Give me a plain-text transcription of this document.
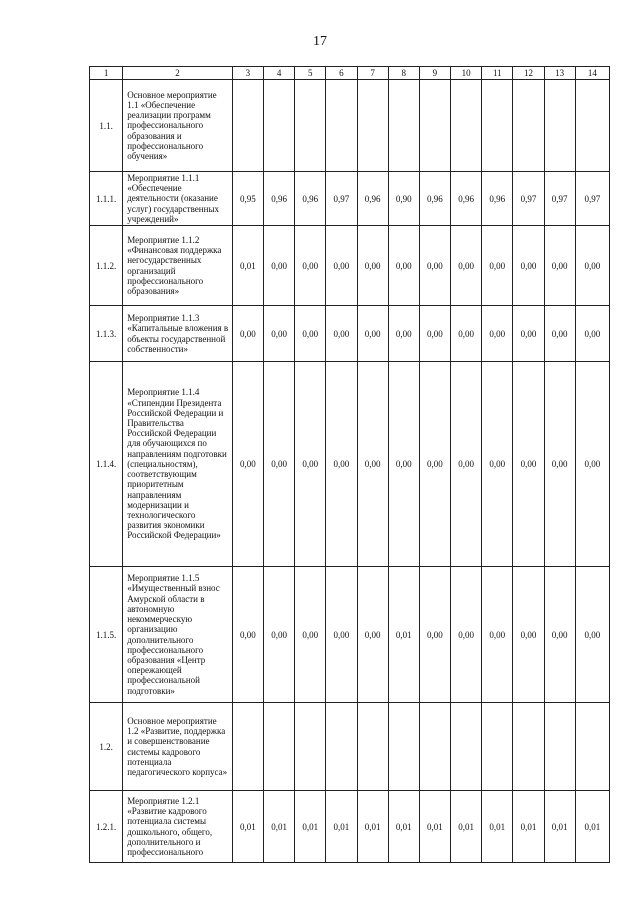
17
1	2	3	4	5	6	7	8	9	10	11	12	13	14
1.1.	Основное мероприятие 1.1 «Обеспечение реализации программ профессионального образования и профессионального обучения»												
1.1.1.	Мероприятие 1.1.1 «Обеспечение деятельности (оказание услуг) государственных учреждений»	0,95	0,96	0,96	0,97	0,96	0,90	0,96	0,96	0,96	0,97	0,97	0,97
1.1.2.	Мероприятие 1.1.2 «Финансовая поддержка негосударственных организаций профессионального образования»	0,01	0,00	0,00	0,00	0,00	0,00	0,00	0,00	0,00	0,00	0,00	0,00
1.1.3.	Мероприятие 1.1.3 «Капитальные вложения в объекты государственной собственности»	0,00	0,00	0,00	0,00	0,00	0,00	0,00	0,00	0,00	0,00	0,00	0,00
1.1.4.	Мероприятие 1.1.4 «Стипендии Президента Российской Федерации и Правительства Российской Федерации для обучающихся по направлениям подготовки (специальностям), соответствующим приоритетным направлениям модернизации и технологического развития экономики Российской Федерации»	0,00	0,00	0,00	0,00	0,00	0,00	0,00	0,00	0,00	0,00	0,00	0,00
1.1.5.	Мероприятие 1.1.5 «Имущественный взнос Амурской области в автономную некоммерческую организацию дополнительного профессионального образования «Центр опережающей профессиональной подготовки»	0,00	0,00	0,00	0,00	0,00	0,01	0,00	0,00	0,00	0,00	0,00	0,00
1.2.	Основное мероприятие 1.2 «Развитие, поддержка и совершенствование системы кадрового потенциала педагогического корпуса»												
1.2.1.	Мероприятие 1.2.1 «Развитие кадрового потенциала системы дошкольного, общего, дополнительного и профессионального	0,01	0,01	0,01	0,01	0,01	0,01	0,01	0,01	0,01	0,01	0,01	0,01
